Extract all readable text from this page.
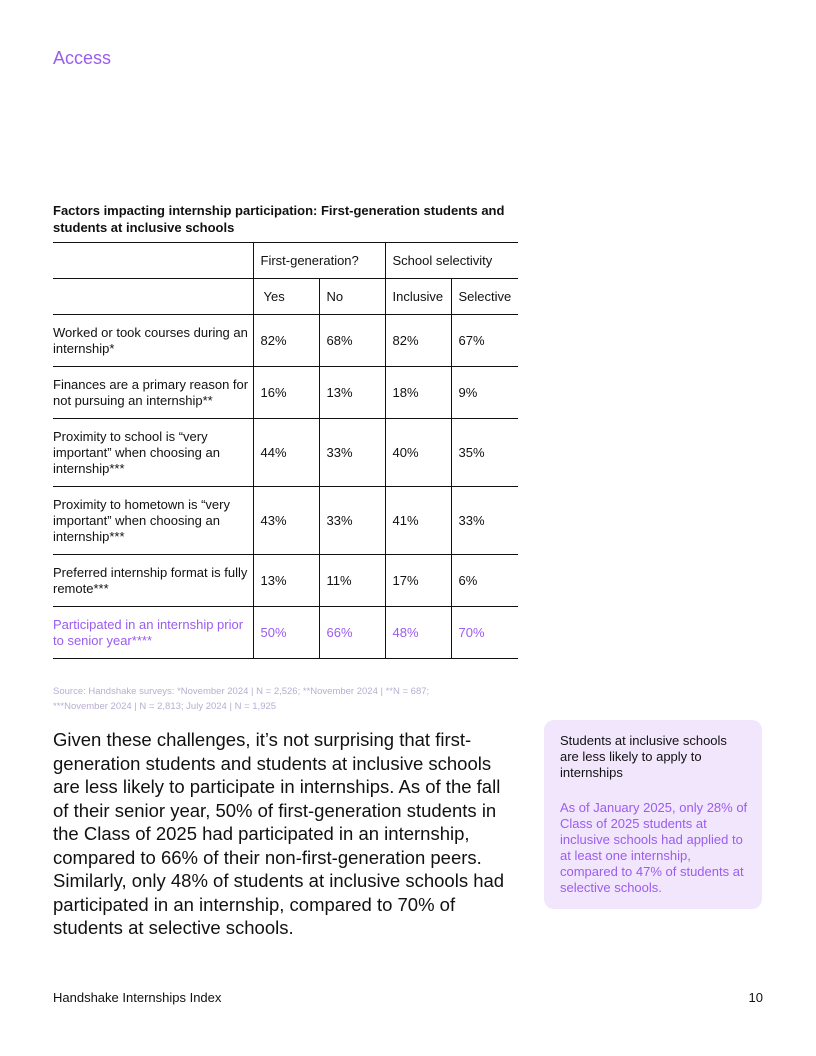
Access
Factors impacting internship participation: First-generation students and students at inclusive schools
	First-generation?		School selectivity	
	Yes	No	Inclusive	Selective
Worked or took courses during an internship*	82%	68%	82%	67%
Finances are a primary reason for not pursuing an internship**	16%	13%	18%	9%
Proximity to school is “very important” when choosing an internship***	44%	33%	40%	35%
Proximity to hometown is “very important” when choosing an internship***	43%	33%	41%	33%
Preferred internship format is fully remote***	13%	11%	17%	6%
Participated in an internship prior to senior year****	50%	66%	48%	70%
Source: Handshake surveys: *November 2024 | N = 2,526; **November 2024 | **N = 687; ***November 2024 | N = 2,813; July 2024 | N = 1,925
Given these challenges, it’s not surprising that first-generation students and students at inclusive schools are less likely to participate in internships. As of the fall of their senior year, 50% of first-generation students in the Class of 2025 had participated in an internship, compared to 66% of their non-first-generation peers. Similarly, only 48% of students at inclusive schools had participated in an internship, compared to 70% of students at selective schools.
Students at inclusive schools are less likely to apply to internships
As of January 2025, only 28% of Class of 2025 students at inclusive schools had applied to at least one internship, compared to 47% of students at selective schools.
Handshake Internships Index	10
